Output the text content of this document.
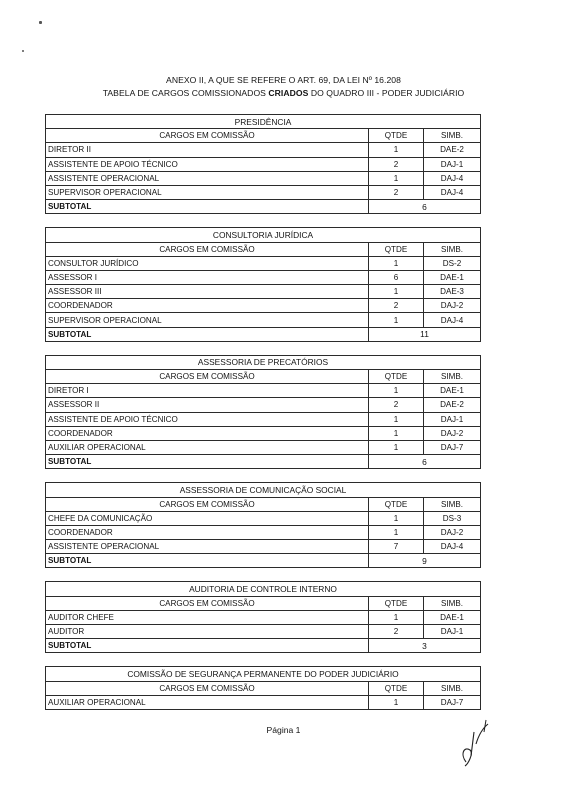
ANEXO II, A QUE SE REFERE O ART. 69, DA LEI Nº 16.208
TABELA DE CARGOS COMISSIONADOS CRIADOS DO QUADRO III - PODER JUDICIÁRIO
PRESIDÊNCIA		
CARGOS EM COMISSÃO	QTDE	SIMB.
DIRETOR II	1	DAE-2
ASSISTENTE DE APOIO TÉCNICO	2	DAJ-1
ASSISTENTE OPERACIONAL	1	DAJ-4
SUPERVISOR OPERACIONAL	2	DAJ-4
SUBTOTAL	6	
CONSULTORIA JURÍDICA		
CARGOS EM COMISSÃO	QTDE	SIMB.
CONSULTOR JURÍDICO	1	DS-2
ASSESSOR I	6	DAE-1
ASSESSOR III	1	DAE-3
COORDENADOR	2	DAJ-2
SUPERVISOR OPERACIONAL	1	DAJ-4
SUBTOTAL	11	
ASSESSORIA DE PRECATÓRIOS		
CARGOS EM COMISSÃO	QTDE	SIMB.
DIRETOR I	1	DAE-1
ASSESSOR II	2	DAE-2
ASSISTENTE DE APOIO TÉCNICO	1	DAJ-1
COORDENADOR	1	DAJ-2
AUXILIAR OPERACIONAL	1	DAJ-7
SUBTOTAL	6	
ASSESSORIA DE COMUNICAÇÃO SOCIAL		
CARGOS EM COMISSÃO	QTDE	SIMB.
CHEFE DA COMUNICAÇÃO	1	DS-3
COORDENADOR	1	DAJ-2
ASSISTENTE OPERACIONAL	7	DAJ-4
SUBTOTAL	9	
AUDITORIA DE CONTROLE INTERNO		
CARGOS EM COMISSÃO	QTDE	SIMB.
AUDITOR CHEFE	1	DAE-1
AUDITOR	2	DAJ-1
SUBTOTAL	3	
COMISSÃO DE SEGURANÇA PERMANENTE DO PODER JUDICIÁRIO		
CARGOS EM COMISSÃO	QTDE	SIMB.
AUXILIAR OPERACIONAL	1	DAJ-7
Página 1
